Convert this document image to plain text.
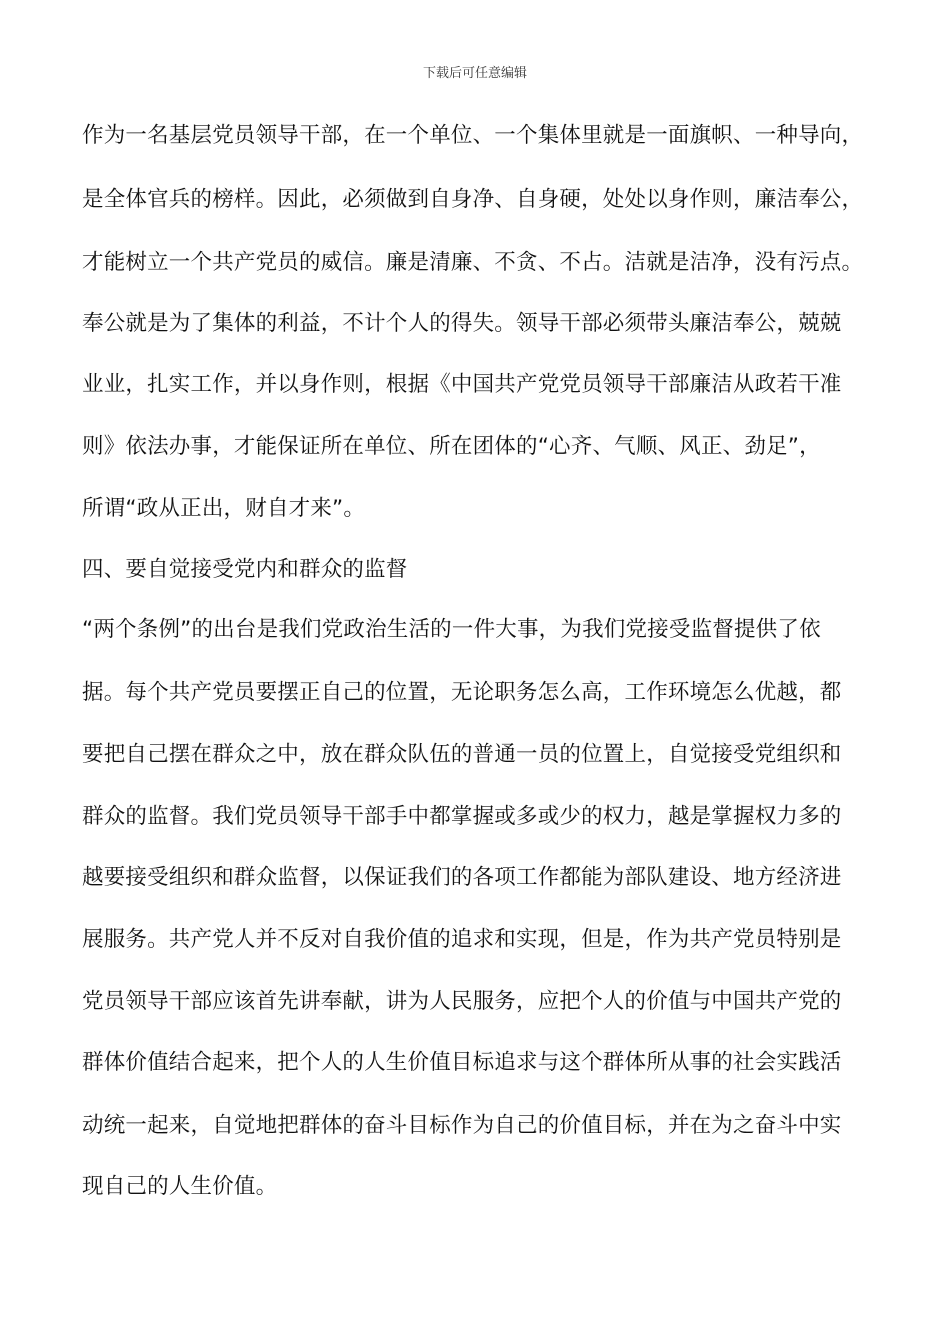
下载后可任意编辑
作为一名基层党员领导干部，在一个单位、一个集体里就是一面旗帜、一种导向，
是全体官兵的榜样。因此，必须做到自身净、自身硬，处处以身作则，廉洁奉公，
才能树立一个共产党员的威信。廉是清廉、不贪、不占。洁就是洁净，没有污点。
奉公就是为了集体的利益，不计个人的得失。领导干部必须带头廉洁奉公，兢兢
业业，扎实工作，并以身作则，根据《中国共产党党员领导干部廉洁从政若干准
则》依法办事，才能保证所在单位、所在团体的“心齐、气顺、风正、劲足”，
所谓“政从正出，财自才来”。
四、要自觉接受党内和群众的监督
“两个条例”的出台是我们党政治生活的一件大事，为我们党接受监督提供了依
据。每个共产党员要摆正自己的位置，无论职务怎么高，工作环境怎么优越，都
要把自己摆在群众之中，放在群众队伍的普通一员的位置上，自觉接受党组织和
群众的监督。我们党员领导干部手中都掌握或多或少的权力，越是掌握权力多的
越要接受组织和群众监督，以保证我们的各项工作都能为部队建设、地方经济进
展服务。共产党人并不反对自我价值的追求和实现，但是，作为共产党员特别是
党员领导干部应该首先讲奉献，讲为人民服务，应把个人的价值与中国共产党的
群体价值结合起来，把个人的人生价值目标追求与这个群体所从事的社会实践活
动统一起来，自觉地把群体的奋斗目标作为自己的价值目标，并在为之奋斗中实
现自己的人生价值。
